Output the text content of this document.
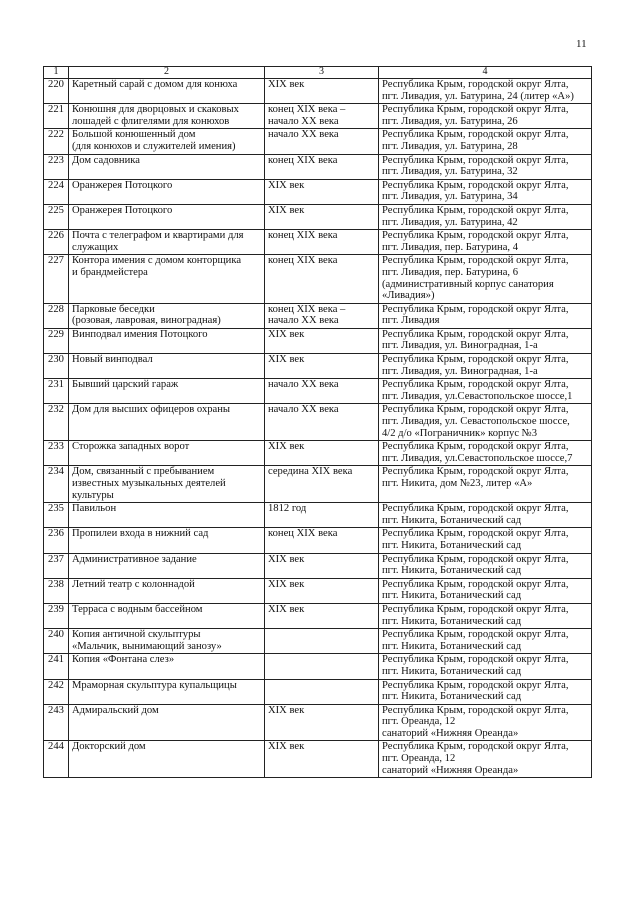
11
1	2	3	4
220	Каретный сарай с домом для конюха	XIX век	Республика Крым, городской округ Ялта,
пгт. Ливадия, ул. Батурина, 24 (литер «А»)
221	Конюшня для дворцовых и скаковых
лошадей с флигелями для конюхов	конец XIX века –
начало XX века	Республика Крым, городской округ Ялта,
пгт. Ливадия, ул. Батурина, 26
222	Большой конюшенный дом
(для конюхов и служителей имения)	начало XX века	Республика Крым, городской округ Ялта,
пгт. Ливадия, ул. Батурина, 28
223	Дом садовника	конец XIX века	Республика Крым, городской округ Ялта,
пгт. Ливадия, ул. Батурина, 32
224	Оранжерея Потоцкого	XIX век	Республика Крым, городской округ Ялта,
пгт. Ливадия, ул. Батурина, 34
225	Оранжерея Потоцкого	XIX век	Республика Крым, городской округ Ялта,
пгт. Ливадия, ул. Батурина, 42
226	Почта с телеграфом и квартирами для
служащих	конец XIX века	Республика Крым, городской округ Ялта,
пгт. Ливадия, пер. Батурина, 4
227	Контора имения с домом конторщика
и брандмейстера	конец XIX века	Республика Крым, городской округ Ялта,
пгт. Ливадия, пер. Батурина, 6
(административный корпус санатория
«Ливадия»)
228	Парковые беседки
(розовая, лавровая, виноградная)	конец XIX века –
начало XX века	Республика Крым, городской округ Ялта,
пгт. Ливадия
229	Винподвал имения Потоцкого	XIX век	Республика Крым, городской округ Ялта,
пгт. Ливадия, ул. Виноградная, 1-а
230	Новый винподвал	XIX век	Республика Крым, городской округ Ялта,
пгт. Ливадия, ул. Виноградная, 1-а
231	Бывший царский гараж	начало XX века	Республика Крым, городской округ Ялта,
пгт. Ливадия, ул.Севастопольское шоссе,1
232	Дом для высших офицеров охраны	начало XX века	Республика Крым, городской округ Ялта,
пгт. Ливадия, ул. Севастопольское шоссе,
4/2 д/о «Пограничник» корпус №3
233	Сторожка западных ворот	XIX век	Республика Крым, городской округ Ялта,
пгт. Ливадия, ул.Севастопольское шоссе,7
234	Дом, связанный с пребыванием
известных музыкальных деятелей
культуры	середина XIX века	Республика Крым, городской округ Ялта,
пгт. Никита, дом №23, литер «А»
235	Павильон	1812 год	Республика Крым, городской округ Ялта,
пгт. Никита, Ботанический сад
236	Пропилеи входа в нижний сад	конец XIX века	Республика Крым, городской округ Ялта,
пгт. Никита, Ботанический сад
237	Административное задание	XIX век	Республика Крым, городской округ Ялта,
пгт. Никита, Ботанический сад
238	Летний театр с колоннадой	XIX век	Республика Крым, городской округ Ялта,
пгт. Никита, Ботанический сад
239	Терраса с водным бассейном	XIX век	Республика Крым, городской округ Ялта,
пгт. Никита, Ботанический сад
240	Копия античной скульптуры
«Мальчик, вынимающий занозу»		Республика Крым, городской округ Ялта,
пгт. Никита, Ботанический сад
241	Копия «Фонтана слез»		Республика Крым, городской округ Ялта,
пгт. Никита, Ботанический сад
242	Мраморная скульптура купальщицы		Республика Крым, городской округ Ялта,
пгт. Никита, Ботанический сад
243	Адмиральский дом	XIX век	Республика Крым, городской округ Ялта,
пгт. Ореанда, 12
санаторий «Нижняя Ореанда»
244	Докторский дом	XIX век	Республика Крым, городской округ Ялта,
пгт. Ореанда, 12
санаторий «Нижняя Ореанда»
